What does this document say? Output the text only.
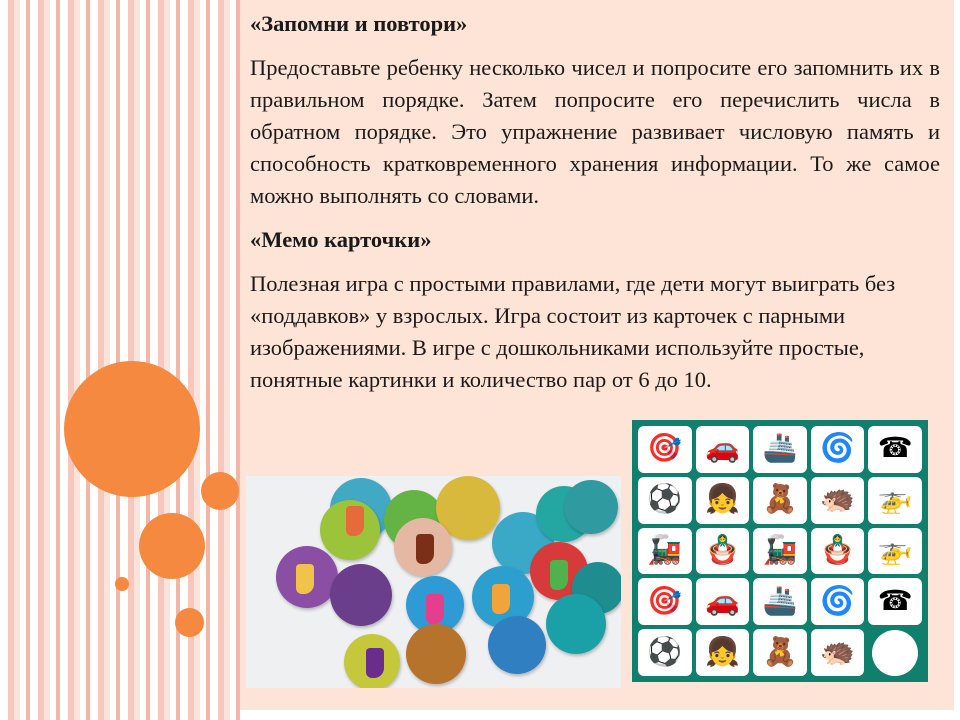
«Запомни и повтори»

Предоставьте ребенку несколько чисел и попросите его запомнить их в правильном порядке. Затем попросите его перечислить числа в обратном порядке. Это упражнение развивает числовую память и способность кратковременного хранения информации. То же самое можно выполнять со словами.

«Мемо карточки»

Полезная игра с простыми правилами, где дети могут выиграть без «поддавков» у взрослых. Игра состоит из карточек с парными изображениями. В игре с дошкольниками используйте простые, понятные картинки и количество пар от 6 до 10.

🎯 🚗 🚢 🌀 ☎
⚽ 👧 🧸 🦔 🚁
🚂 🪆 🚂 🪆 🚁
🎯 🚗 🚢 🌀 ☎
⚽ 👧 🧸 🦔
